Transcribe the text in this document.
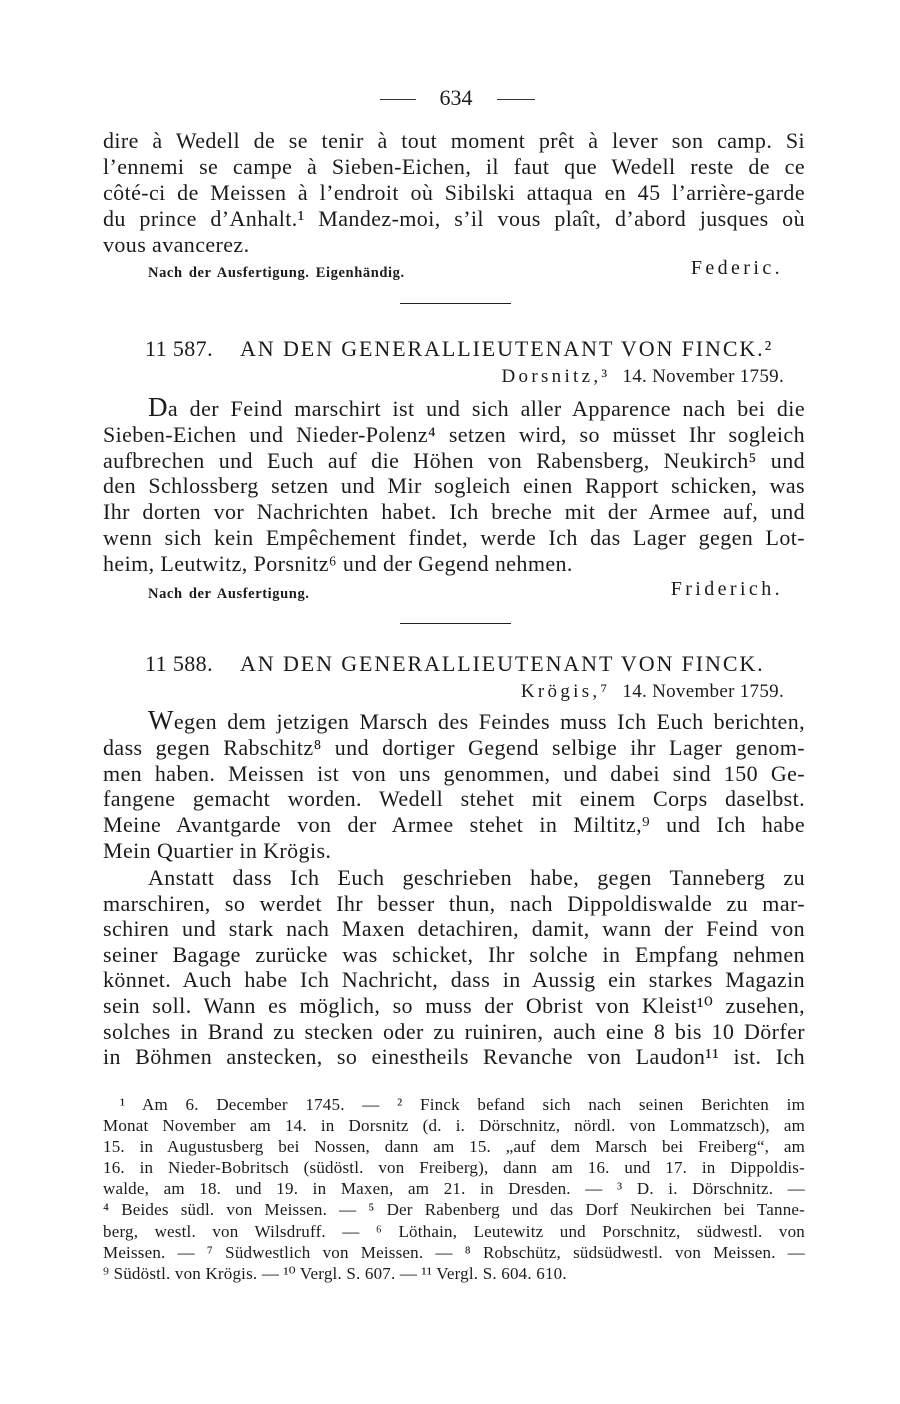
634
dire à Wedell de se tenir à tout moment prêt à lever son camp. Si
l’ennemi se campe à Sieben-Eichen, il faut que Wedell reste de ce
côté-ci de Meissen à l’endroit où Sibilski attaqua en 45 l’arrière-garde
du prince d’Anhalt.¹ Mandez-moi, s’il vous plaît, d’abord jusques où
vous avancerez.
Nach der Ausfertigung. Eigenhändig.	Federic.
11 587. AN DEN GENERALLIEUTENANT VON FINCK.²
Dorsnitz,³ 14. November 1759.
Da der Feind marschirt ist und sich aller Apparence nach bei die
Sieben-Eichen und Nieder-Polenz⁴ setzen wird, so müsset Ihr sogleich
aufbrechen und Euch auf die Höhen von Rabensberg, Neukirch⁵ und
den Schlossberg setzen und Mir sogleich einen Rapport schicken, was
Ihr dorten vor Nachrichten habet. Ich breche mit der Armee auf, und
wenn sich kein Empêchement findet, werde Ich das Lager gegen Lot-
heim, Leutwitz, Porsnitz⁶ und der Gegend nehmen.
Nach der Ausfertigung.	Friderich.
11 588. AN DEN GENERALLIEUTENANT VON FINCK.
Krögis,⁷ 14. November 1759.
Wegen dem jetzigen Marsch des Feindes muss Ich Euch berichten,
dass gegen Rabschitz⁸ und dortiger Gegend selbige ihr Lager genom-
men haben. Meissen ist von uns genommen, und dabei sind 150 Ge-
fangene gemacht worden. Wedell stehet mit einem Corps daselbst.
Meine Avantgarde von der Armee stehet in Miltitz,⁹ und Ich habe
Mein Quartier in Krögis.
Anstatt dass Ich Euch geschrieben habe, gegen Tanneberg zu
marschiren, so werdet Ihr besser thun, nach Dippoldiswalde zu mar-
schiren und stark nach Maxen detachiren, damit, wann der Feind von
seiner Bagage zurücke was schicket, Ihr solche in Empfang nehmen
könnet. Auch habe Ich Nachricht, dass in Aussig ein starkes Magazin
sein soll. Wann es möglich, so muss der Obrist von Kleist¹⁰ zusehen,
solches in Brand zu stecken oder zu ruiniren, auch eine 8 bis 10 Dörfer
in Böhmen anstecken, so einestheils Revanche von Laudon¹¹ ist. Ich
¹ Am 6. December 1745. — ² Finck befand sich nach seinen Berichten im
Monat November am 14. in Dorsnitz (d. i. Dörschnitz, nördl. von Lommatzsch), am
15. in Augustusberg bei Nossen, dann am 15. „auf dem Marsch bei Freiberg“, am
16. in Nieder-Bobritsch (südöstl. von Freiberg), dann am 16. und 17. in Dippoldis-
walde, am 18. und 19. in Maxen, am 21. in Dresden. — ³ D. i. Dörschnitz. —
⁴ Beides südl. von Meissen. — ⁵ Der Rabenberg und das Dorf Neukirchen bei Tanne-
berg, westl. von Wilsdruff. — ⁶ Löthain, Leutewitz und Porschnitz, südwestl. von
Meissen. — ⁷ Südwestlich von Meissen. — ⁸ Robschütz, südsüdwestl. von Meissen. —
⁹ Südöstl. von Krögis. — ¹⁰ Vergl. S. 607. — ¹¹ Vergl. S. 604. 610.
